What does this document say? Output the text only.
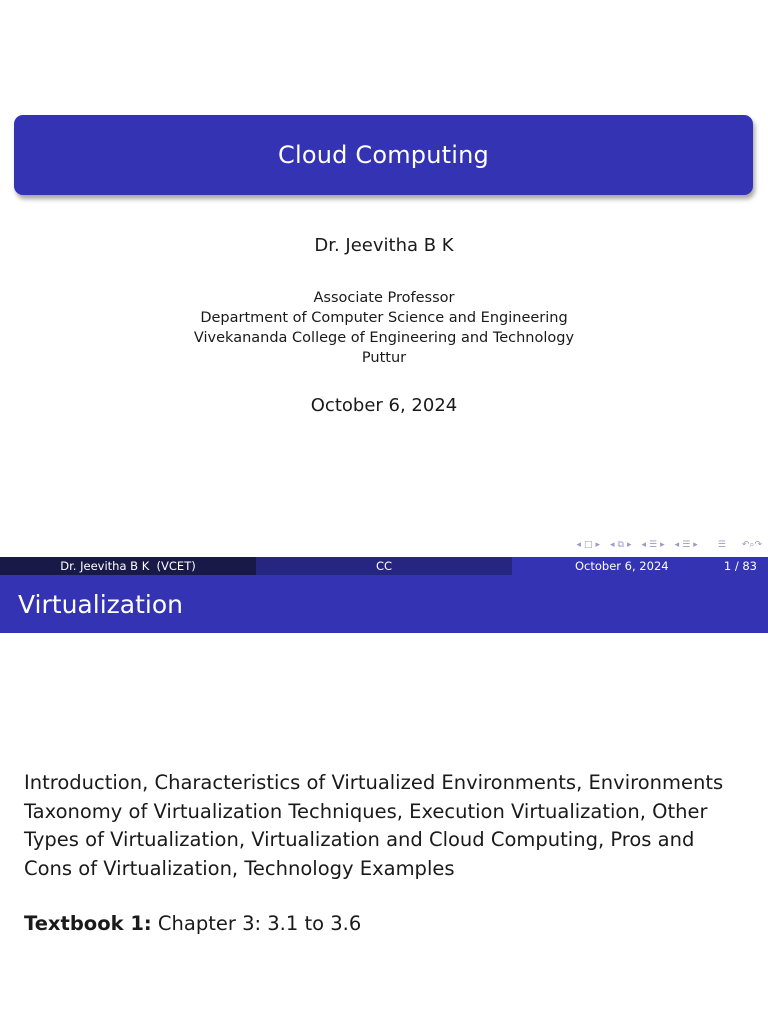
Cloud Computing
Dr. Jeevitha B K
Associate Professor
Department of Computer Science and Engineering
Vivekananda College of Engineering and Technology
Puttur
October 6, 2024
◂ □ ▸ ◂ ⧉ ▸ ◂ ☰ ▸ ◂ ☰ ▸ ☰ ↶⌕↷
Dr. Jeevitha B K  (VCET)	CC	October 6, 2024	1 / 83
Virtualization
Introduction, Characteristics of Virtualized Environments, Environments Taxonomy of Virtualization Techniques, Execution Virtualization, Other Types of Virtualization, Virtualization and Cloud Computing, Pros and Cons of Virtualization, Technology Examples
Textbook 1: Chapter 3: 3.1 to 3.6
